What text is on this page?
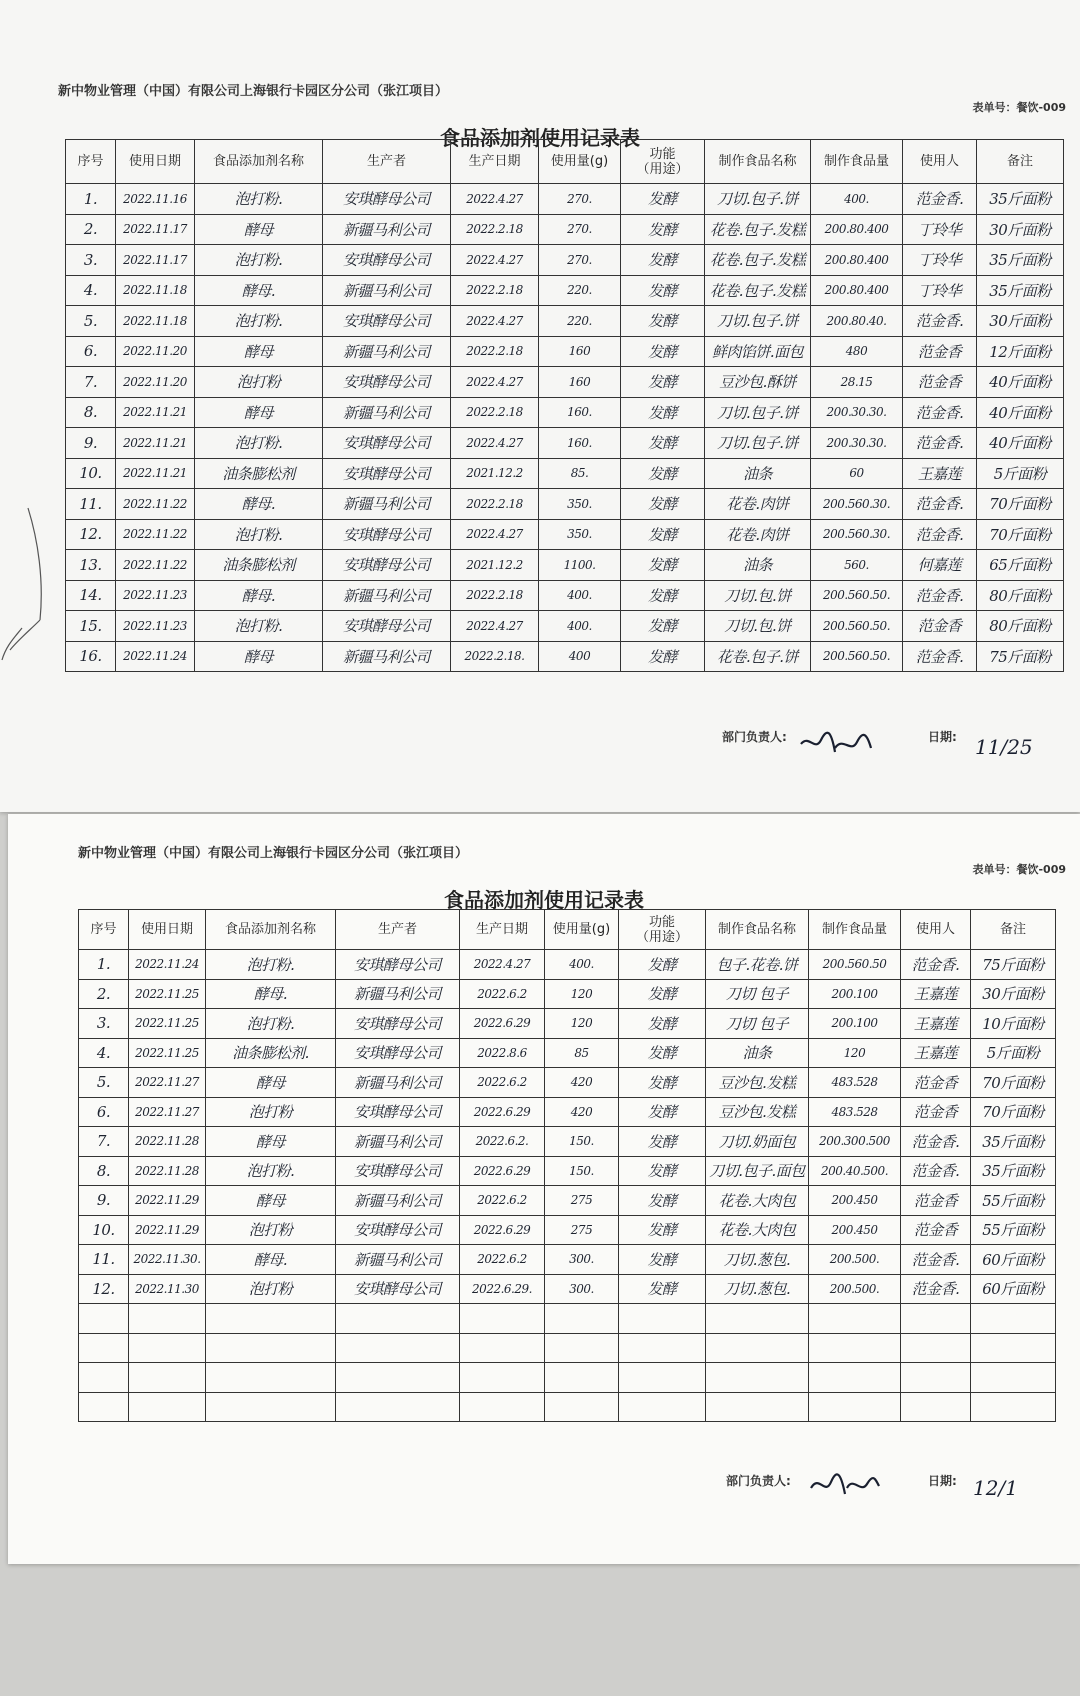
新中物业管理（中国）有限公司上海银行卡园区分公司（张江项目）
表单号：餐饮-009
食品添加剂使用记录表
序号	使用日期	食品添加剂名称	生产者	生产日期	使用量(g)	功能
（用途）	制作食品名称	制作食品量	使用人	备注
1.	2022.11.16	泡打粉.	安琪酵母公司	2022.4.27	270.	发酵	刀切.包子.饼	400.	范金香.	35斤面粉
2.	2022.11.17	酵母	新疆马利公司	2022.2.18	270.	发酵	花卷.包子.发糕	200.80.400	丁玲华	30斤面粉
3.	2022.11.17	泡打粉.	安琪酵母公司	2022.4.27	270.	发酵	花卷.包子.发糕	200.80.400	丁玲华	35斤面粉
4.	2022.11.18	酵母.	新疆马利公司	2022.2.18	220.	发酵	花卷.包子.发糕	200.80.400	丁玲华	35斤面粉
5.	2022.11.18	泡打粉.	安琪酵母公司	2022.4.27	220.	发酵	刀切.包子.饼	200.80.40.	范金香.	30斤面粉
6.	2022.11.20	酵母	新疆马利公司	2022.2.18	160	发酵	鲜肉馅饼.面包	480	范金香	12斤面粉
7.	2022.11.20	泡打粉	安琪酵母公司	2022.4.27	160	发酵	豆沙包.酥饼	28.15	范金香	40斤面粉
8.	2022.11.21	酵母	新疆马利公司	2022.2.18	160.	发酵	刀切.包子.饼	200.30.30.	范金香.	40斤面粉
9.	2022.11.21	泡打粉.	安琪酵母公司	2022.4.27	160.	发酵	刀切.包子.饼	200.30.30.	范金香.	40斤面粉
10.	2022.11.21	油条膨松剂	安琪酵母公司	2021.12.2	85.	发酵	油条	60	王嘉莲	5斤面粉
11.	2022.11.22	酵母.	新疆马利公司	2022.2.18	350.	发酵	花卷.肉饼	200.560.30.	范金香.	70斤面粉
12.	2022.11.22	泡打粉.	安琪酵母公司	2022.4.27	350.	发酵	花卷.肉饼	200.560.30.	范金香.	70斤面粉
13.	2022.11.22	油条膨松剂	安琪酵母公司	2021.12.2	1100.	发酵	油条	560.	何嘉莲	65斤面粉
14.	2022.11.23	酵母.	新疆马利公司	2022.2.18	400.	发酵	刀切.包.饼	200.560.50.	范金香.	80斤面粉
15.	2022.11.23	泡打粉.	安琪酵母公司	2022.4.27	400.	发酵	刀切.包.饼	200.560.50.	范金香	80斤面粉
16.	2022.11.24	酵母	新疆马利公司	2022.2.18.	400	发酵	花卷.包子.饼	200.560.50.	范金香.	75斤面粉
部门负责人:	日期: 11/25
新中物业管理（中国）有限公司上海银行卡园区分公司（张江项目）
表单号：餐饮-009
食品添加剂使用记录表
序号	使用日期	食品添加剂名称	生产者	生产日期	使用量(g)	功能
（用途）	制作食品名称	制作食品量	使用人	备注
1.	2022.11.24	泡打粉.	安琪酵母公司	2022.4.27	400.	发酵	包子.花卷.饼	200.560.50	范金香.	75斤面粉
2.	2022.11.25	酵母.	新疆马利公司	2022.6.2	120	发酵	刀切 包子	200.100	王嘉莲	30斤面粉
3.	2022.11.25	泡打粉.	安琪酵母公司	2022.6.29	120	发酵	刀切 包子	200.100	王嘉莲	10斤面粉
4.	2022.11.25	油条膨松剂.	安琪酵母公司	2022.8.6	85	发酵	油条	120	王嘉莲	5斤面粉
5.	2022.11.27	酵母	新疆马利公司	2022.6.2	420	发酵	豆沙包.发糕	483.528	范金香	70斤面粉
6.	2022.11.27	泡打粉	安琪酵母公司	2022.6.29	420	发酵	豆沙包.发糕	483.528	范金香	70斤面粉
7.	2022.11.28	酵母	新疆马利公司	2022.6.2.	150.	发酵	刀切.奶面包	200.300.500	范金香.	35斤面粉
8.	2022.11.28	泡打粉.	安琪酵母公司	2022.6.29	150.	发酵	刀切.包子.面包	200.40.500.	范金香.	35斤面粉
9.	2022.11.29	酵母	新疆马利公司	2022.6.2	275	发酵	花卷.大肉包	200.450	范金香	55斤面粉
10.	2022.11.29	泡打粉	安琪酵母公司	2022.6.29	275	发酵	花卷.大肉包	200.450	范金香	55斤面粉
11.	2022.11.30.	酵母.	新疆马利公司	2022.6.2	300.	发酵	刀切.葱包.	200.500.	范金香.	60斤面粉
12.	2022.11.30	泡打粉	安琪酵母公司	2022.6.29.	300.	发酵	刀切.葱包.	200.500.	范金香.	60斤面粉

部门负责人:	日期: 12/1
